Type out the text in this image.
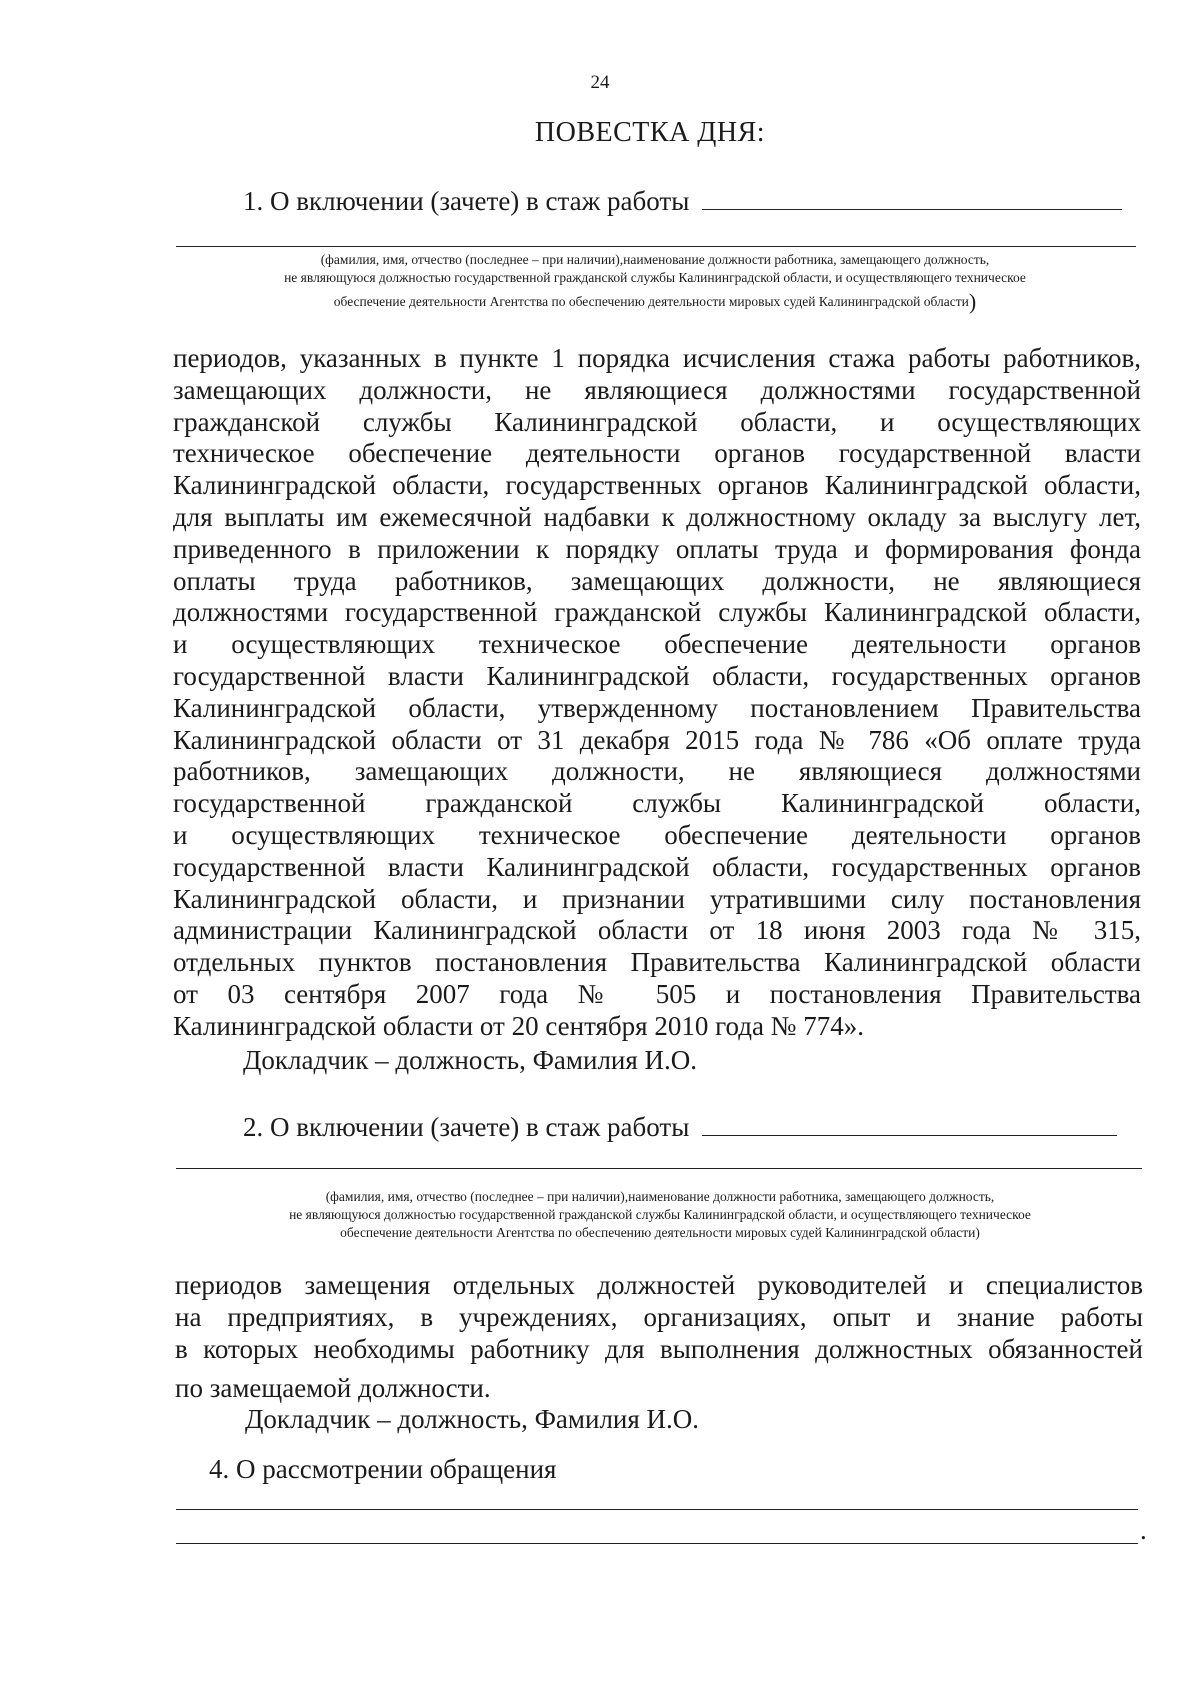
24
ПОВЕСТКА ДНЯ:
1. О включении (зачете) в стаж работы
(фамилия, имя, отчество (последнее – при наличии),наименование должности работника, замещающего должность,
не являющуюся должностью государственной гражданской службы Калининградской области, и осуществляющего техническое
обеспечение деятельности Агентства по обеспечению деятельности мировых судей Калининградской области)
периодов, указанных в пункте 1 порядка исчисления стажа работы работников,
замещающих должности, не являющиеся должностями государственной
гражданской службы Калининградской области, и осуществляющих
техническое обеспечение деятельности органов государственной власти
Калининградской области, государственных органов Калининградской области,
для выплаты им ежемесячной надбавки к должностному окладу за выслугу лет,
приведенного в приложении к порядку оплаты труда и формирования фонда
оплаты труда работников, замещающих должности, не являющиеся
должностями государственной гражданской службы Калининградской области,
и осуществляющих техническое обеспечение деятельности органов
государственной власти Калининградской области, государственных органов
Калининградской области, утвержденному постановлением Правительства
Калининградской области от 31 декабря 2015 года № 786 «Об оплате труда
работников, замещающих должности, не являющиеся должностями
государственной гражданской службы Калининградской области,
и осуществляющих техническое обеспечение деятельности органов
государственной власти Калининградской области, государственных органов
Калининградской области, и признании утратившими силу постановления
администрации Калининградской области от 18 июня 2003 года № 315,
отдельных пунктов постановления Правительства Калининградской области
от 03 сентября 2007 года № 505 и постановления Правительства
Калининградской области от 20 сентября 2010 года № 774».
Докладчик – должность, Фамилия И.О.
2. О включении (зачете) в стаж работы
(фамилия, имя, отчество (последнее – при наличии),наименование должности работника, замещающего должность,
не являющуюся должностью государственной гражданской службы Калининградской области, и осуществляющего техническое
обеспечение деятельности Агентства по обеспечению деятельности мировых судей Калининградской области)
периодов замещения отдельных должностей руководителей и специалистов
на предприятиях, в учреждениях, организациях, опыт и знание работы
в которых необходимы работнику для выполнения должностных обязанностей
по замещаемой должности.
Докладчик – должность, Фамилия И.О.
4. О рассмотрении обращения
.
